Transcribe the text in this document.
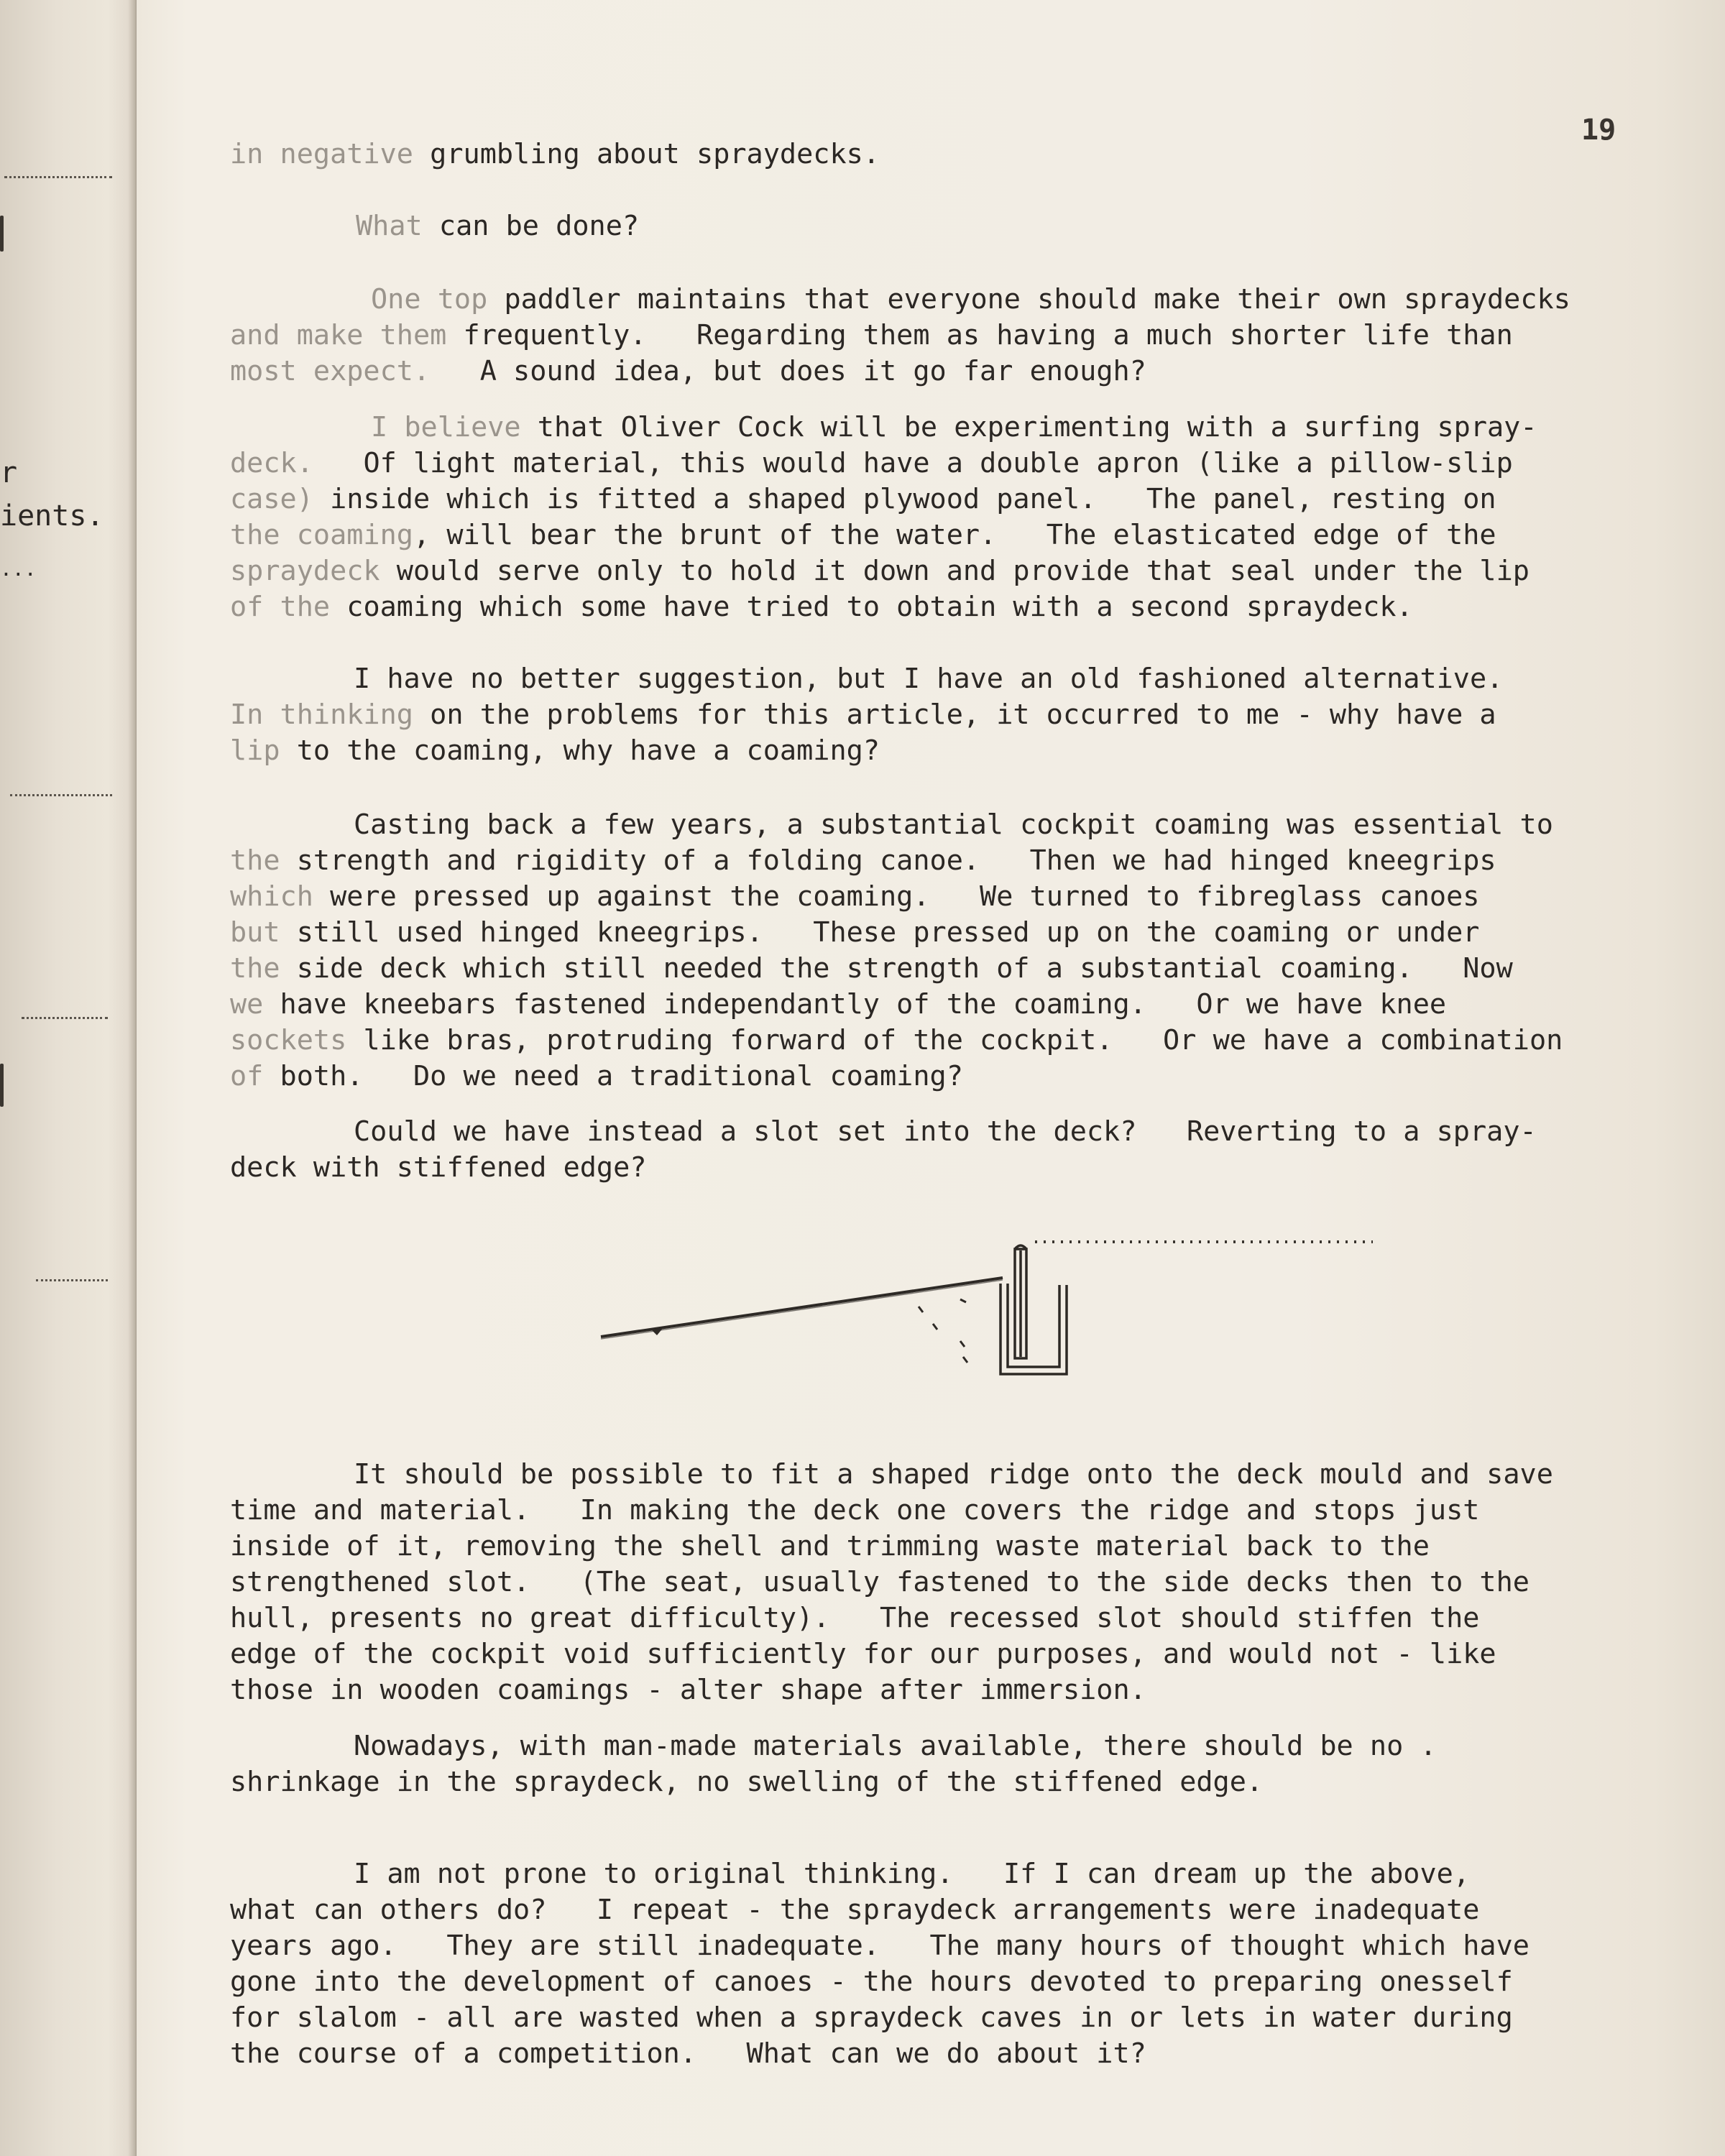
r
ients.
...
19
in negative grumbling about spraydecks.
What can be done?
One top paddler maintains that everyone should make their own spraydecks
and make them frequently.   Regarding them as having a much shorter life than
most expect.   A sound idea, but does it go far enough?
I believe that Oliver Cock will be experimenting with a surfing spray-
deck.   Of light material, this would have a double apron (like a pillow-slip
case) inside which is fitted a shaped plywood panel.   The panel, resting on
the coaming, will bear the brunt of the water.   The elasticated edge of the
spraydeck would serve only to hold it down and provide that seal under the lip
of the coaming which some have tried to obtain with a second spraydeck.
I have no better suggestion, but I have an old fashioned alternative.
In thinking on the problems for this article, it occurred to me - why have a
lip to the coaming, why have a coaming?
Casting back a few years, a substantial cockpit coaming was essential to
the strength and rigidity of a folding canoe.   Then we had hinged kneegrips
which were pressed up against the coaming.   We turned to fibreglass canoes
but still used hinged kneegrips.   These pressed up on the coaming or under
the side deck which still needed the strength of a substantial coaming.   Now
we have kneebars fastened independantly of the coaming.   Or we have knee
sockets like bras, protruding forward of the cockpit.   Or we have a combination
of both.   Do we need a traditional coaming?
Could we have instead a slot set into the deck?   Reverting to a spray-
deck with stiffened edge?
It should be possible to fit a shaped ridge onto the deck mould and save
time and material.   In making the deck one covers the ridge and stops just
inside of it, removing the shell and trimming waste material back to the
strengthened slot.   (The seat, usually fastened to the side decks then to the
hull, presents no great difficulty).   The recessed slot should stiffen the
edge of the cockpit void sufficiently for our purposes, and would not - like
those in wooden coamings - alter shape after immersion.
Nowadays, with man-made materials available, there should be no .
shrinkage in the spraydeck, no swelling of the stiffened edge.
I am not prone to original thinking.   If I can dream up the above,
what can others do?   I repeat - the spraydeck arrangements were inadequate
years ago.   They are still inadequate.   The many hours of thought which have
gone into the development of canoes - the hours devoted to preparing onesself
for slalom - all are wasted when a spraydeck caves in or lets in water during
the course of a competition.   What can we do about it?
